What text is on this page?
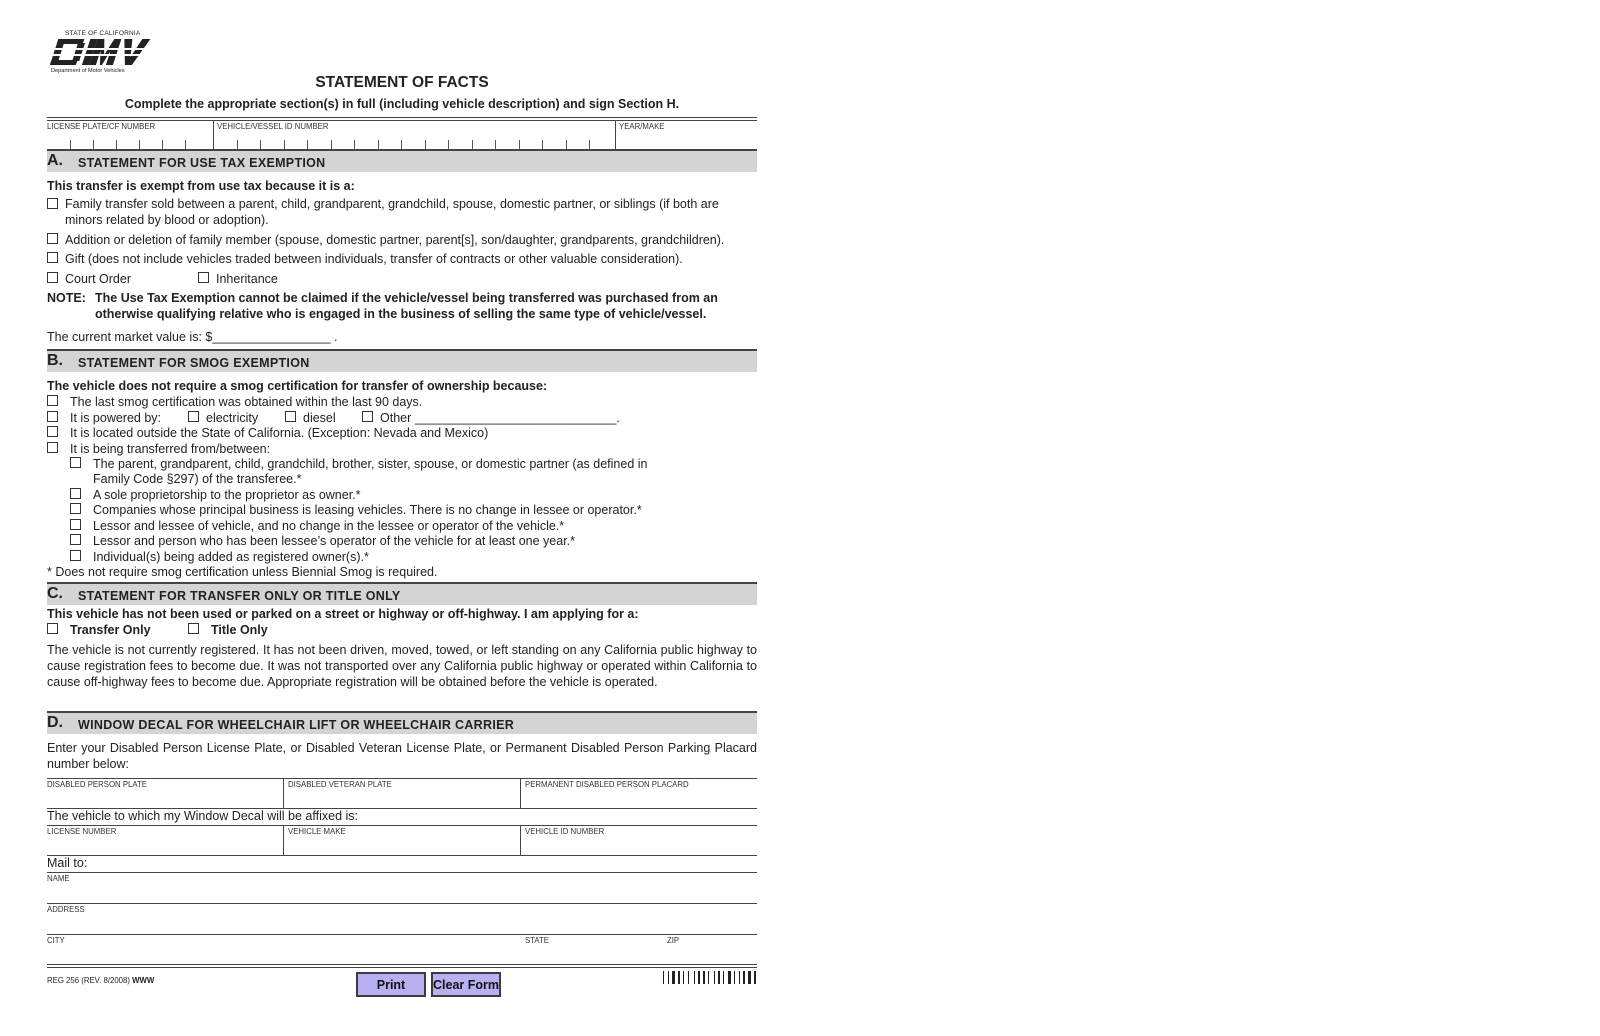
STATE OF CALIFORNIA
Department of Motor Vehicles
STATEMENT OF FACTS
Complete the appropriate section(s) in full (including vehicle description) and sign Section H.
LICENSE PLATE/CF NUMBER	VEHICLE/VESSEL ID NUMBER	YEAR/MAKE
A. STATEMENT FOR USE TAX EXEMPTION
This transfer is exempt from use tax because it is a:
Family transfer sold between a parent, child, grandparent, grandchild, spouse, domestic partner, or siblings (if both are
minors related by blood or adoption).
Addition or deletion of family member (spouse, domestic partner, parent[s], son/daughter, grandparents, grandchildren).
Gift (does not include vehicles traded between individuals, transfer of contracts or other valuable consideration).
Court Order	Inheritance
NOTE: The Use Tax Exemption cannot be claimed if the vehicle/vessel being transferred was purchased from an
otherwise qualifying relative who is engaged in the business of selling the same type of vehicle/vessel.
The current market value is: $_________________ .
B. STATEMENT FOR SMOG EXEMPTION
The vehicle does not require a smog certification for transfer of ownership because:
The last smog certification was obtained within the last 90 days.
It is powered by:	electricity	diesel	Other _____________________________.
It is located outside the State of California. (Exception: Nevada and Mexico)
It is being transferred from/between:
The parent, grandparent, child, grandchild, brother, sister, spouse, or domestic partner (as defined in
Family Code §297) of the transferee.*
A sole proprietorship to the proprietor as owner.*
Companies whose principal business is leasing vehicles. There is no change in lessee or operator.*
Lessor and lessee of vehicle, and no change in the lessee or operator of the vehicle.*
Lessor and person who has been lessee’s operator of the vehicle for at least one year.*
Individual(s) being added as registered owner(s).*
* Does not require smog certification unless Biennial Smog is required.
C. STATEMENT FOR TRANSFER ONLY OR TITLE ONLY
This vehicle has not been used or parked on a street or highway or off-highway. I am applying for a:
Transfer Only	Title Only
The vehicle is not currently registered. It has not been driven, moved, towed, or left standing on any California public highway to cause registration fees to become due. It was not transported over any California public highway or operated within California to cause off-highway fees to become due. Appropriate registration will be obtained before the vehicle is operated.
D. WINDOW DECAL FOR WHEELCHAIR LIFT OR WHEELCHAIR CARRIER
Enter your Disabled Person License Plate, or Disabled Veteran License Plate, or Permanent Disabled Person Parking Placard number below:
DISABLED PERSON PLATE	DISABLED VETERAN PLATE	PERMANENT DISABLED PERSON PLACARD
The vehicle to which my Window Decal will be affixed is:
LICENSE NUMBER	VEHICLE MAKE	VEHICLE ID NUMBER
Mail to:
NAME
ADDRESS
CITY	STATE	ZIP
REG 256 (REV. 8/2008) WWW	Print	Clear Form
